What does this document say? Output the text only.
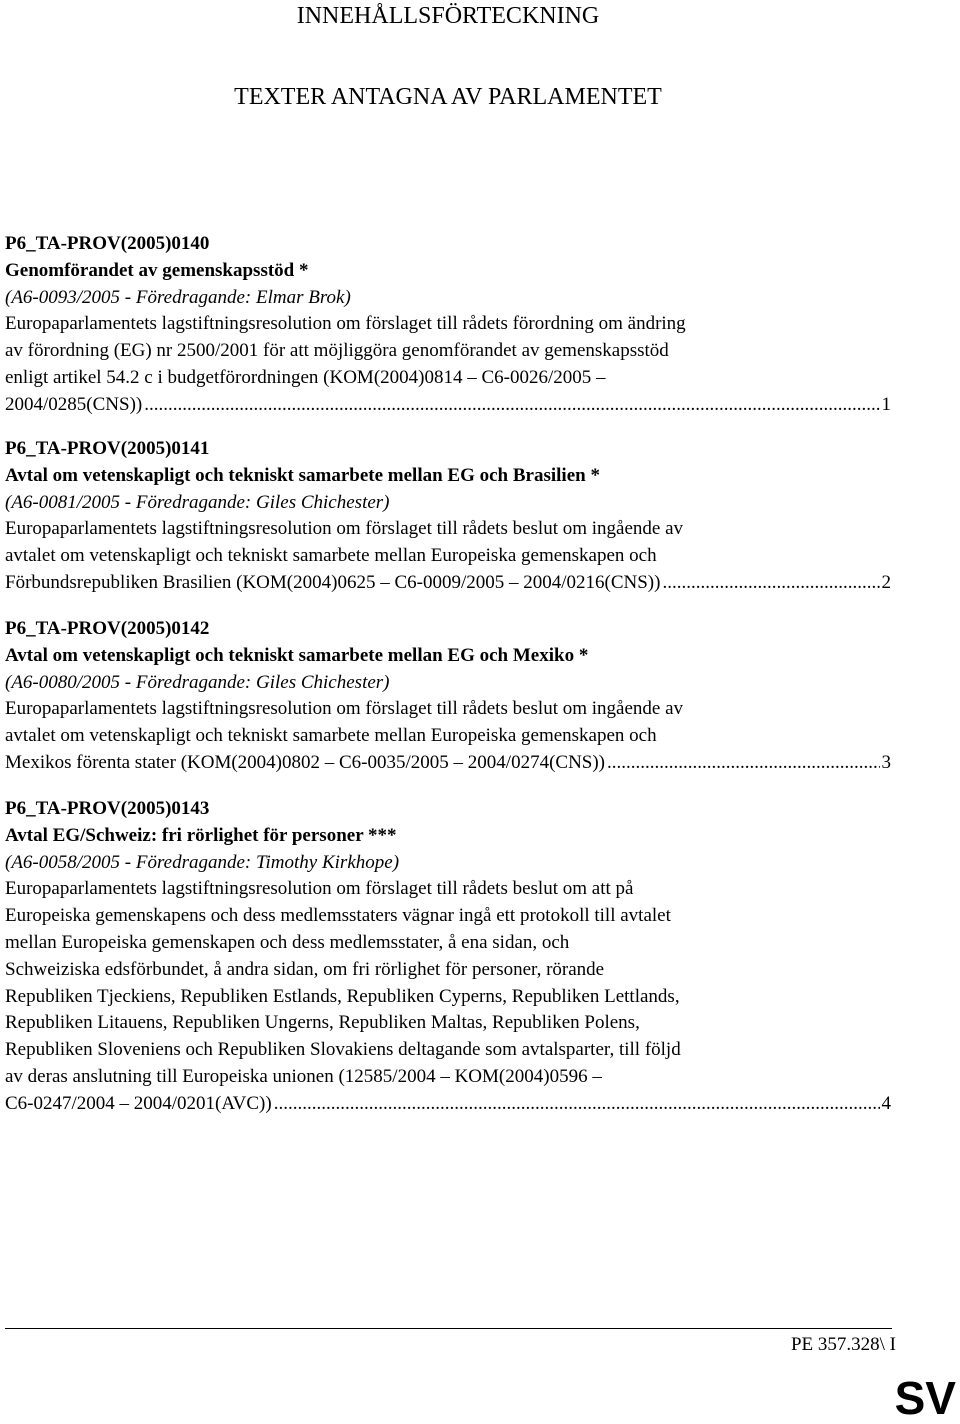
INNEHÅLLSFÖRTECKNING
TEXTER ANTAGNA AV PARLAMENTET
P6_TA-PROV(2005)0140
Genomförandet av gemenskapsstöd *
(A6-0093/2005 - Föredragande: Elmar Brok)
Europaparlamentets lagstiftningsresolution om förslaget till rådets förordning om ändring
av förordning (EG) nr 2500/2001 för att möjliggöra genomförandet av gemenskapsstöd
enligt artikel 54.2 c i budgetförordningen (KOM(2004)0814 – C6-0026/2005 –
2004/0285(CNS)) .....	1
P6_TA-PROV(2005)0141
Avtal om vetenskapligt och tekniskt samarbete mellan EG och Brasilien *
(A6-0081/2005 - Föredragande: Giles Chichester)
Europaparlamentets lagstiftningsresolution om förslaget till rådets beslut om ingående av
avtalet om vetenskapligt och tekniskt samarbete mellan Europeiska gemenskapen och
Förbundsrepubliken Brasilien (KOM(2004)0625 – C6-0009/2005 – 2004/0216(CNS)) .....	2
P6_TA-PROV(2005)0142
Avtal om vetenskapligt och tekniskt samarbete mellan EG och Mexiko *
(A6-0080/2005 - Föredragande: Giles Chichester)
Europaparlamentets lagstiftningsresolution om förslaget till rådets beslut om ingående av
avtalet om vetenskapligt och tekniskt samarbete mellan Europeiska gemenskapen och
Mexikos förenta stater (KOM(2004)0802 – C6-0035/2005 – 2004/0274(CNS)) .....	3
P6_TA-PROV(2005)0143
Avtal EG/Schweiz: fri rörlighet för personer ***
(A6-0058/2005 - Föredragande: Timothy Kirkhope)
Europaparlamentets lagstiftningsresolution om förslaget till rådets beslut om att på
Europeiska gemenskapens och dess medlemsstaters vägnar ingå ett protokoll till avtalet
mellan Europeiska gemenskapen och dess medlemsstater, å ena sidan, och
Schweiziska edsförbundet, å andra sidan, om fri rörlighet för personer, rörande
Republiken Tjeckiens, Republiken Estlands, Republiken Cyperns, Republiken Lettlands,
Republiken Litauens, Republiken Ungerns, Republiken Maltas, Republiken Polens,
Republiken Sloveniens och Republiken Slovakiens deltagande som avtalsparter, till följd
av deras anslutning till Europeiska unionen (12585/2004 – KOM(2004)0596 –
C6-0247/2004 – 2004/0201(AVC)) .....	4
PE 357.328\ I
SV
